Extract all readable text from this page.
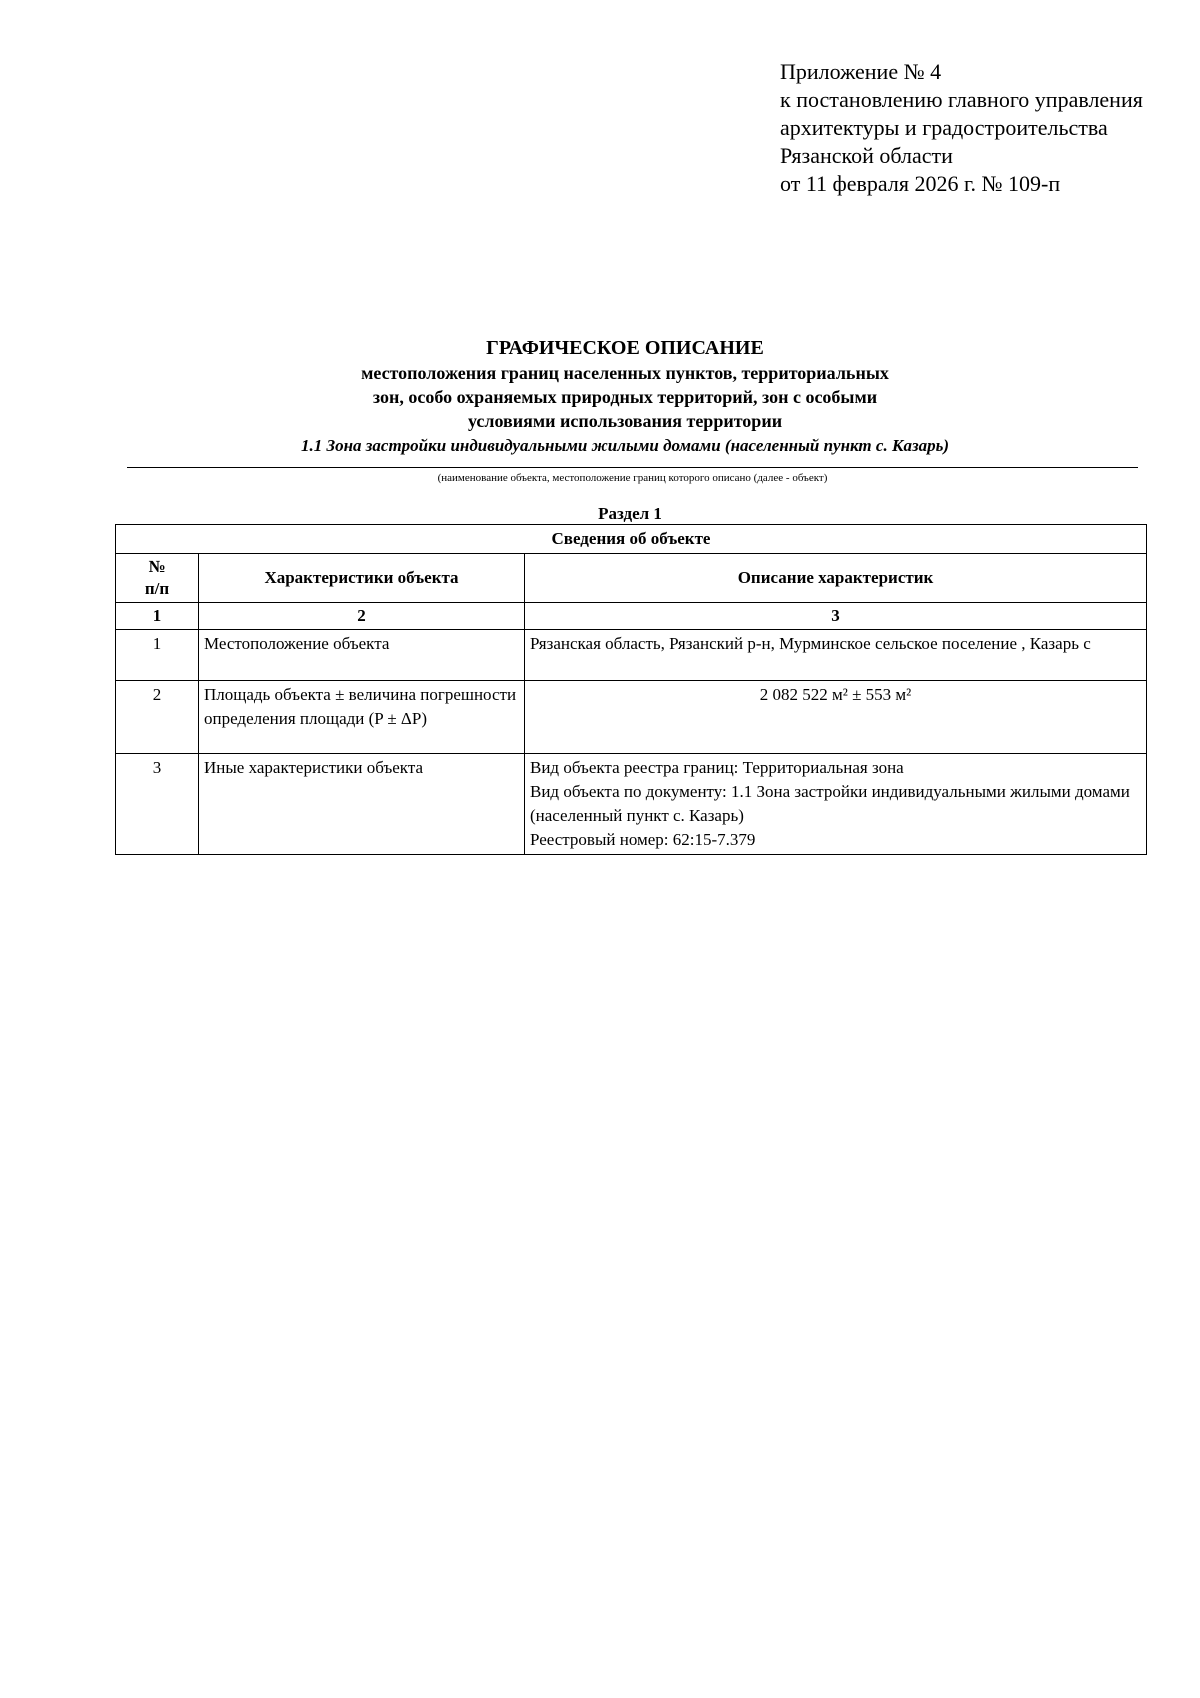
Приложение № 4
к постановлению главного управления
архитектуры и градостроительства
Рязанской области
от 11 февраля 2026 г. № 109-п
ГРАФИЧЕСКОЕ ОПИСАНИЕ
местоположения границ населенных пунктов, территориальных
зон, особо охраняемых природных территорий, зон с особыми
условиями использования территории
1.1 Зона застройки индивидуальными жилыми домами (населенный пункт с. Казарь)
(наименование объекта, местоположение границ которого описано (далее - объект)
Раздел 1
Сведения об объекте		

№
п/п	Характеристики объекта	Описание характеристик
1	2	3
1	Местоположение объекта	Рязанская область, Рязанский р-н, Мурминское сельское поселение , Казарь с
2	Площадь объекта ± величина погрешности определения площади (P ± ΔP)	2 082 522 м² ± 553 м²
3	Иные характеристики объекта	Вид объекта реестра границ: Территориальная зона
Вид объекта по документу: 1.1 Зона застройки индивидуальными жилыми домами (населенный пункт с. Казарь)
Реестровый номер: 62:15-7.379
